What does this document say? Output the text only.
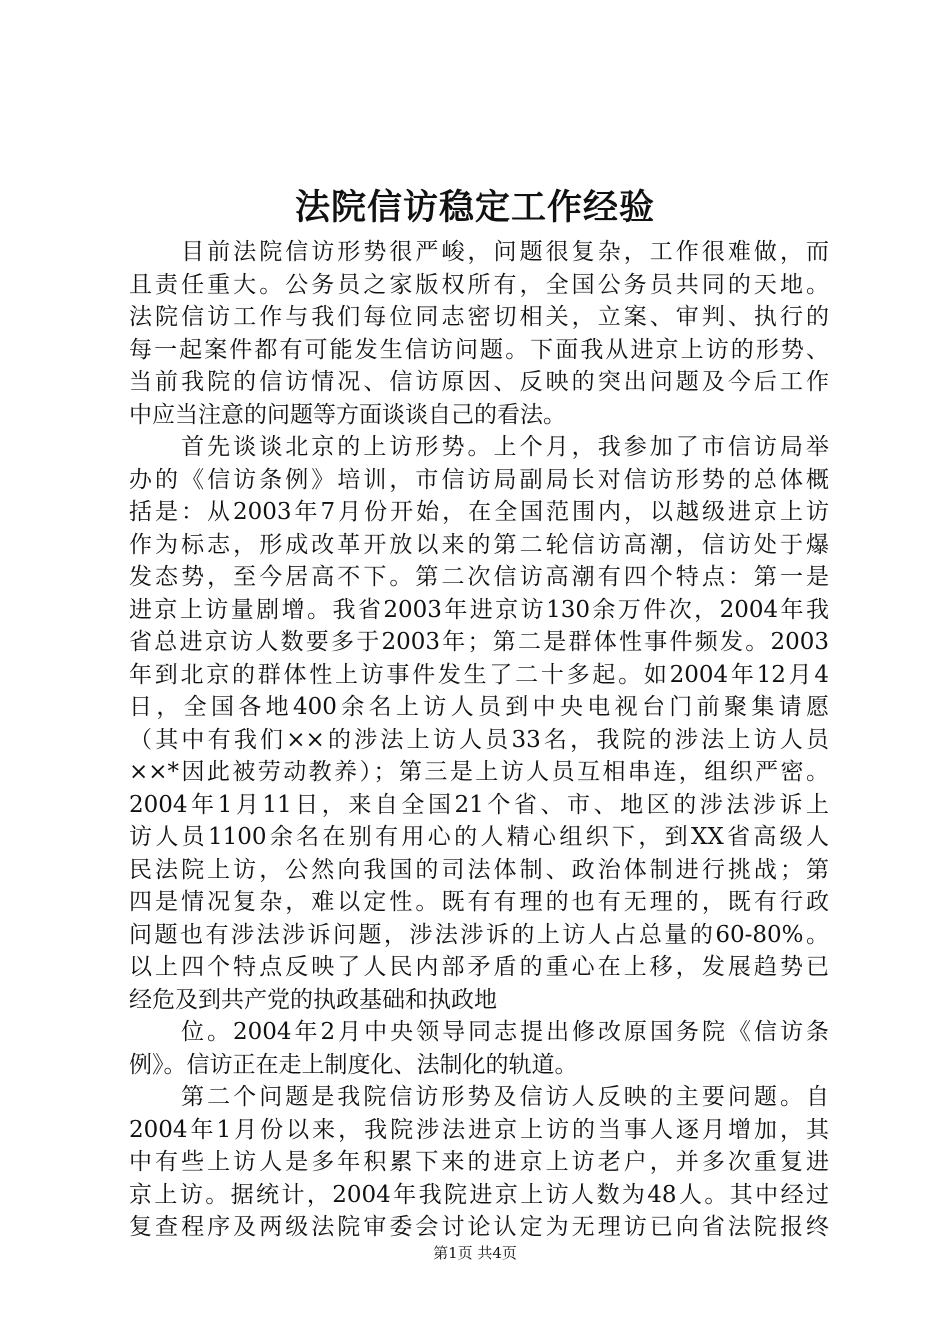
法院信访稳定工作经验
　　目前法院信访形势很严峻，问题很复杂，工作很难做，而
且责任重大。公务员之家版权所有，全国公务员共同的天地。
法院信访工作与我们每位同志密切相关，立案、审判、执行的
每一起案件都有可能发生信访问题。下面我从进京上访的形势、
当前我院的信访情况、信访原因、反映的突出问题及今后工作
中应当注意的问题等方面谈谈自己的看法。
　　首先谈谈北京的上访形势。上个月，我参加了市信访局举
办的《信访条例》培训，市信访局副局长对信访形势的总体概
括是：从2003年7月份开始，在全国范围内，以越级进京上访
作为标志，形成改革开放以来的第二轮信访高潮，信访处于爆
发态势，至今居高不下。第二次信访高潮有四个特点：第一是
进京上访量剧增。我省2003年进京访130余万件次，2004年我
省总进京访人数要多于2003年；第二是群体性事件频发。2003
年到北京的群体性上访事件发生了二十多起。如2004年12月4
日，全国各地400余名上访人员到中央电视台门前聚集请愿
（其中有我们××的涉法上访人员33名，我院的涉法上访人员
××*因此被劳动教养）；第三是上访人员互相串连，组织严密。
2004年1月11日，来自全国21个省、市、地区的涉法涉诉上
访人员1100余名在别有用心的人精心组织下，到XX省高级人
民法院上访，公然向我国的司法体制、政治体制进行挑战；第
四是情况复杂，难以定性。既有有理的也有无理的，既有行政
问题也有涉法涉诉问题，涉法涉诉的上访人占总量的60-80%。
以上四个特点反映了人民内部矛盾的重心在上移，发展趋势已
经危及到共产党的执政基础和执政地
　　位。2004年2月中央领导同志提出修改原国务院《信访条
例》。信访正在走上制度化、法制化的轨道。
　　第二个问题是我院信访形势及信访人反映的主要问题。自
2004年1月份以来，我院涉法进京上访的当事人逐月增加，其
中有些上访人是多年积累下来的进京上访老户，并多次重复进
京上访。据统计，2004年我院进京上访人数为48人。其中经过
复查程序及两级法院审委会讨论认定为无理访已向省法院报终
第1页 共4页
